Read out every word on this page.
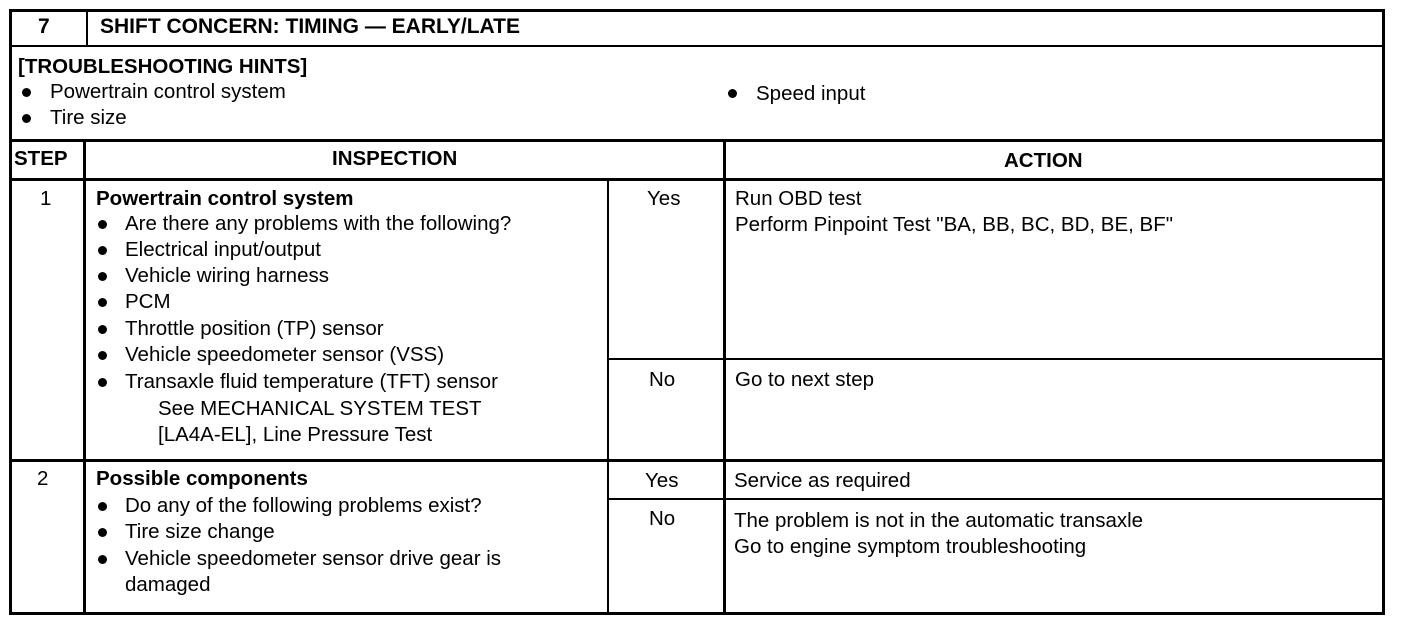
7 SHIFT CONCERN: TIMING — EARLY/LATE
[TROUBLESHOOTING HINTS]
Powertrain control system
Tire size
Speed input
STEP	INSPECTION	ACTION
1 Powertrain control system
Are there any problems with the following?
Electrical input/output
Vehicle wiring harness
PCM
Throttle position (TP) sensor
Vehicle speedometer sensor (VSS)
Transaxle fluid temperature (TFT) sensor
See MECHANICAL SYSTEM TEST
[LA4A-EL], Line Pressure Test
Yes	Run OBD test
Perform Pinpoint Test "BA, BB, BC, BD, BE, BF"
No	Go to next step
2 Possible components
Do any of the following problems exist?
Tire size change
Vehicle speedometer sensor drive gear is
damaged
Yes	Service as required
No	The problem is not in the automatic transaxle
Go to engine symptom troubleshooting
